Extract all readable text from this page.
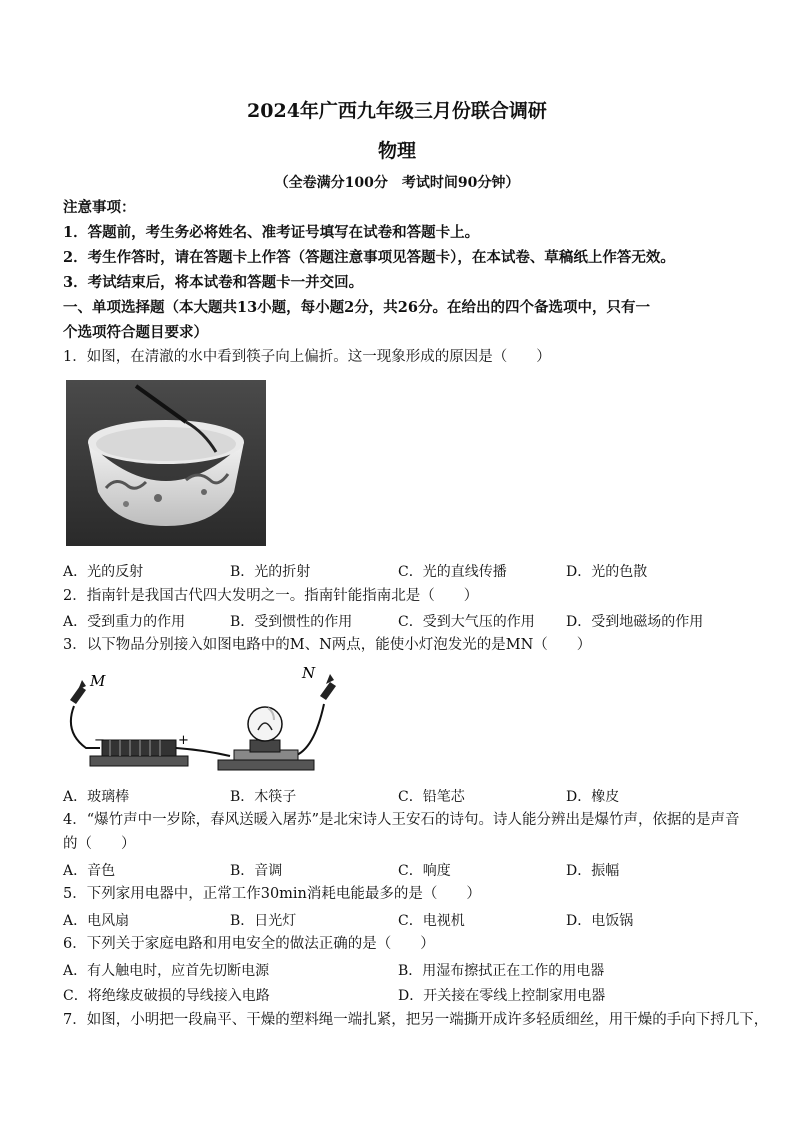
2024年广西九年级三月份联合调研
物理
（全卷满分100分　考试时间90分钟）
注意事项：
1．答题前，考生务必将姓名、准考证号填写在试卷和答题卡上。
2．考生作答时，请在答题卡上作答（答题注意事项见答题卡），在本试卷、草稿纸上作答无效。
3．考试结束后，将本试卷和答题卡一并交回。
一、单项选择题（本大题共13小题，每小题2分，共26分。在给出的四个备选项中，只有一
个选项符合题目要求）
1．如图，在清澈的水中看到筷子向上偏折。这一现象形成的原因是（　　）
A．光的反射	B．光的折射	C．光的直线传播	D．光的色散
2．指南针是我国古代四大发明之一。指南针能指南北是（　　）
A．受到重力的作用	B．受到惯性的作用	C．受到大气压的作用 D．受到地磁场的作用
3．以下物品分别接入如图电路中的M、N两点，能使小灯泡发光的是MN（　　）
M	N
−	+
A．玻璃棒	B．木筷子	C．铅笔芯	D．橡皮
4．“爆竹声中一岁除，春风送暖入屠苏”是北宋诗人王安石的诗句。诗人能分辨出是爆竹声，依据的是声音
的（　　）
A．音色	B．音调	C．响度	D．振幅
5．下列家用电器中，正常工作30min消耗电能最多的是（　　）
A．电风扇	B．日光灯	C．电视机	D．电饭锅
6．下列关于家庭电路和用电安全的做法正确的是（　　）
A．有人触电时，应首先切断电源	B．用湿布擦拭正在工作的用电器
C．将绝缘皮破损的导线接入电路	D．开关接在零线上控制家用电器
7．如图，小明把一段扁平、干燥的塑料绳一端扎紧，把另一端撕开成许多轻质细丝，用干燥的手向下捋几下，
